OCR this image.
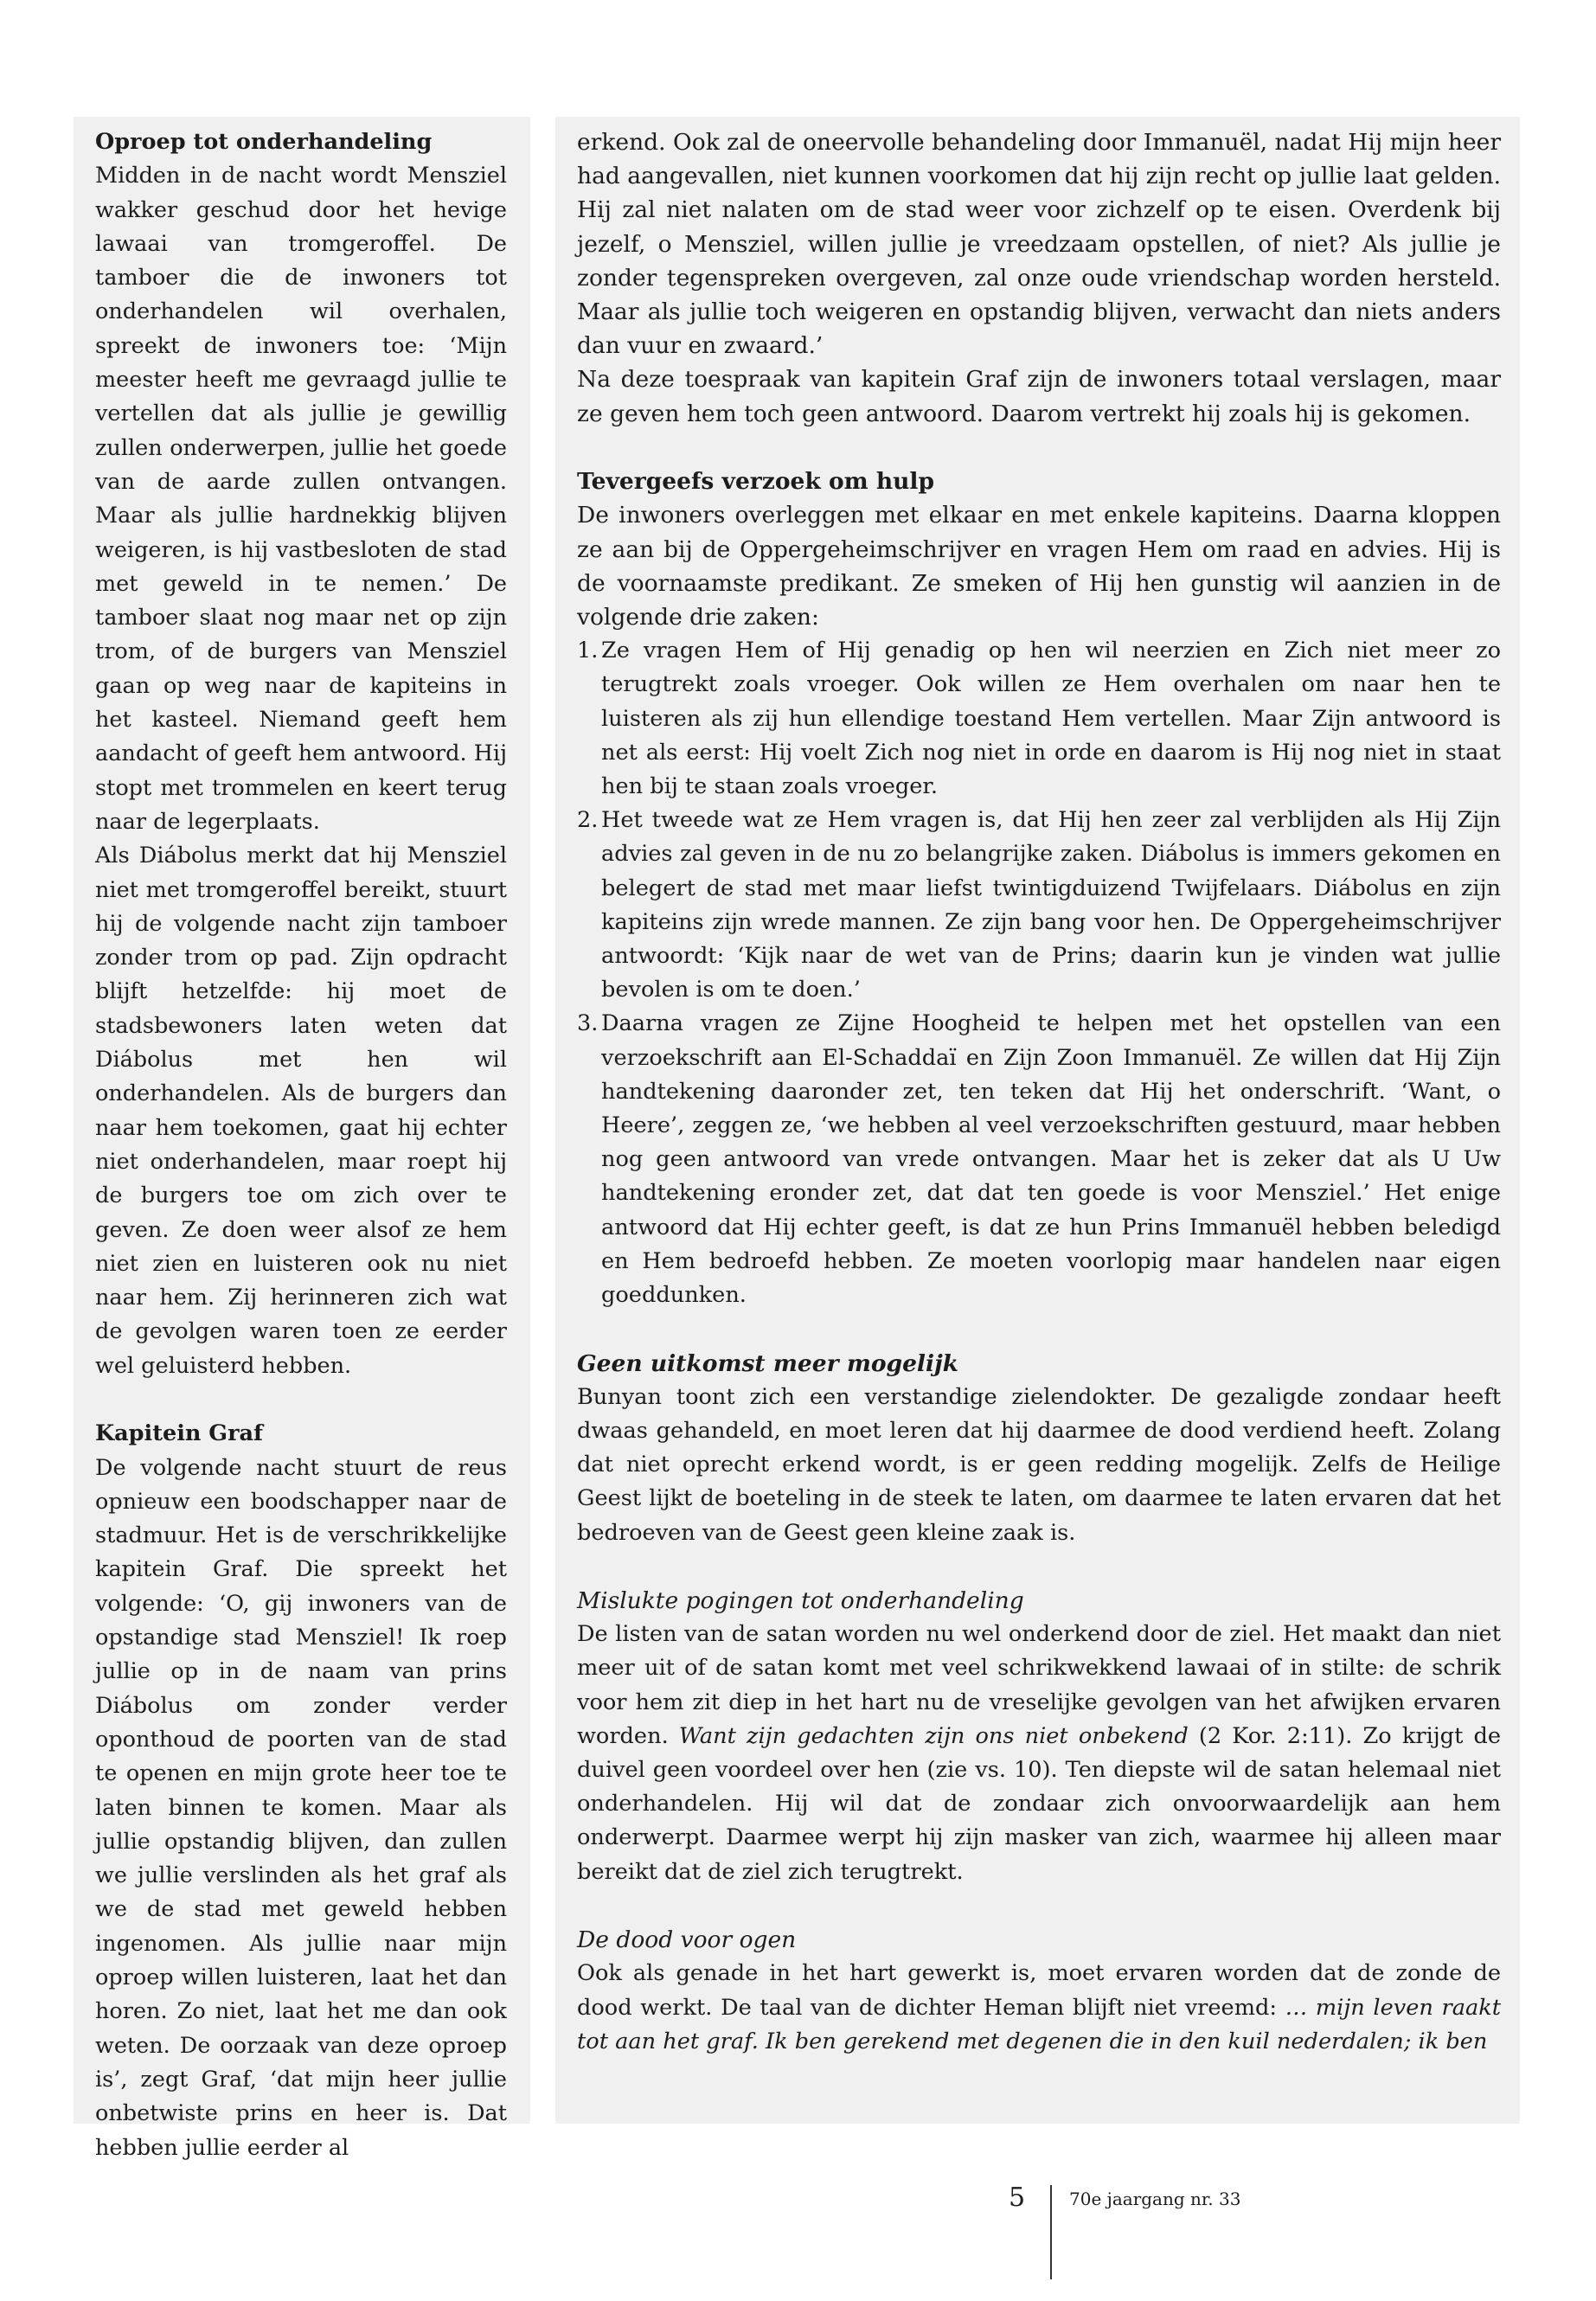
Oproep tot onderhandeling

Midden in de nacht wordt Mensziel wakker geschud door het hevige lawaai van tromgeroffel. De tamboer die de inwoners tot onderhandelen wil overhalen, spreekt de inwoners toe: ‘Mijn meester heeft me gevraagd jullie te vertellen dat als jullie je gewillig zullen onderwerpen, jullie het goede van de aarde zullen ontvangen. Maar als jullie hardnekkig blijven weigeren, is hij vastbesloten de stad met geweld in te nemen.’ De tamboer slaat nog maar net op zijn trom, of de burgers van Mensziel gaan op weg naar de kapiteins in het kasteel. Niemand geeft hem aandacht of geeft hem antwoord. Hij stopt met trommelen en keert terug naar de legerplaats.

Als Diábolus merkt dat hij Mensziel niet met tromgeroffel bereikt, stuurt hij de volgende nacht zijn tamboer zonder trom op pad. Zijn opdracht blijft hetzelfde: hij moet de stadsbewoners laten weten dat Diábolus met hen wil onderhandelen. Als de burgers dan naar hem toekomen, gaat hij echter niet onderhandelen, maar roept hij de burgers toe om zich over te geven. Ze doen weer alsof ze hem niet zien en luisteren ook nu niet naar hem. Zij herinneren zich wat de gevolgen waren toen ze eerder wel geluisterd hebben.

Kapitein Graf

De volgende nacht stuurt de reus opnieuw een boodschapper naar de stadmuur. Het is de verschrikkelijke kapitein Graf. Die spreekt het volgende: ‘O, gij inwoners van de opstandige stad Mensziel! Ik roep jullie op in de naam van prins Diábolus om zonder verder oponthoud de poorten van de stad te openen en mijn grote heer toe te laten binnen te komen. Maar als jullie opstandig blijven, dan zullen we jullie verslinden als het graf als we de stad met geweld hebben ingenomen. Als jullie naar mijn oproep willen luisteren, laat het dan horen. Zo niet, laat het me dan ook weten. De oorzaak van deze oproep is’, zegt Graf, ‘dat mijn heer jullie onbetwiste prins en heer is. Dat hebben jullie eerder al

erkend. Ook zal de oneervolle behandeling door Immanuël, nadat Hij mijn heer had aangevallen, niet kunnen voorkomen dat hij zijn recht op jullie laat gelden. Hij zal niet nalaten om de stad weer voor zichzelf op te eisen. Overdenk bij jezelf, o Mensziel, willen jullie je vreedzaam opstellen, of niet? Als jullie je zonder tegenspreken overgeven, zal onze oude vriendschap worden hersteld. Maar als jullie toch weigeren en opstandig blijven, verwacht dan niets anders dan vuur en zwaard.’

Na deze toespraak van kapitein Graf zijn de inwoners totaal verslagen, maar ze geven hem toch geen antwoord. Daarom vertrekt hij zoals hij is gekomen.

Tevergeefs verzoek om hulp

De inwoners overleggen met elkaar en met enkele kapiteins. Daarna kloppen ze aan bij de Oppergeheimschrijver en vragen Hem om raad en advies. Hij is de voornaamste predikant. Ze smeken of Hij hen gunstig wil aanzien in de volgende drie zaken:

1. Ze vragen Hem of Hij genadig op hen wil neerzien en Zich niet meer zo terugtrekt zoals vroeger. Ook willen ze Hem overhalen om naar hen te luisteren als zij hun ellendige toestand Hem vertellen. Maar Zijn antwoord is net als eerst: Hij voelt Zich nog niet in orde en daarom is Hij nog niet in staat hen bij te staan zoals vroeger.
2. Het tweede wat ze Hem vragen is, dat Hij hen zeer zal verblijden als Hij Zijn advies zal geven in de nu zo belangrijke zaken. Diábolus is immers gekomen en belegert de stad met maar liefst twintigduizend Twijfelaars. Diábolus en zijn kapiteins zijn wrede mannen. Ze zijn bang voor hen. De Oppergeheimschrijver antwoordt: ‘Kijk naar de wet van de Prins; daarin kun je vinden wat jullie bevolen is om te doen.’
3. Daarna vragen ze Zijne Hoogheid te helpen met het opstellen van een verzoekschrift aan El-Schaddaï en Zijn Zoon Immanuël. Ze willen dat Hij Zijn handtekening daaronder zet, ten teken dat Hij het onderschrift. ‘Want, o Heere’, zeggen ze, ‘we hebben al veel verzoekschriften gestuurd, maar hebben nog geen antwoord van vrede ontvangen. Maar het is zeker dat als U Uw handtekening eronder zet, dat dat ten goede is voor Mensziel.’ Het enige antwoord dat Hij echter geeft, is dat ze hun Prins Immanuël hebben beledigd en Hem bedroefd hebben. Ze moeten voorlopig maar handelen naar eigen goeddunken.
Geen uitkomst meer mogelijk

Bunyan toont zich een verstandige zielendokter. De gezaligde zondaar heeft dwaas gehandeld, en moet leren dat hij daarmee de dood verdiend heeft. Zolang dat niet oprecht erkend wordt, is er geen redding mogelijk. Zelfs de Heilige Geest lijkt de boeteling in de steek te laten, om daarmee te laten ervaren dat het bedroeven van de Geest geen kleine zaak is.

Mislukte pogingen tot onderhandeling

De listen van de satan worden nu wel onderkend door de ziel. Het maakt dan niet meer uit of de satan komt met veel schrikwekkend lawaai of in stilte: de schrik voor hem zit diep in het hart nu de vreselijke gevolgen van het afwijken ervaren worden. Want zijn gedachten zijn ons niet onbekend (2 Kor. 2:11). Zo krijgt de duivel geen voordeel over hen (zie vs. 10). Ten diepste wil de satan helemaal niet onderhandelen. Hij wil dat de zondaar zich onvoorwaardelijk aan hem onderwerpt. Daarmee werpt hij zijn masker van zich, waarmee hij alleen maar bereikt dat de ziel zich terugtrekt.

De dood voor ogen

Ook als genade in het hart gewerkt is, moet ervaren worden dat de zonde de dood werkt. De taal van de dichter Heman blijft niet vreemd: … mijn leven raakt tot aan het graf. Ik ben gerekend met degenen die in den kuil nederdalen; ik ben

5	70e jaargang nr. 33
